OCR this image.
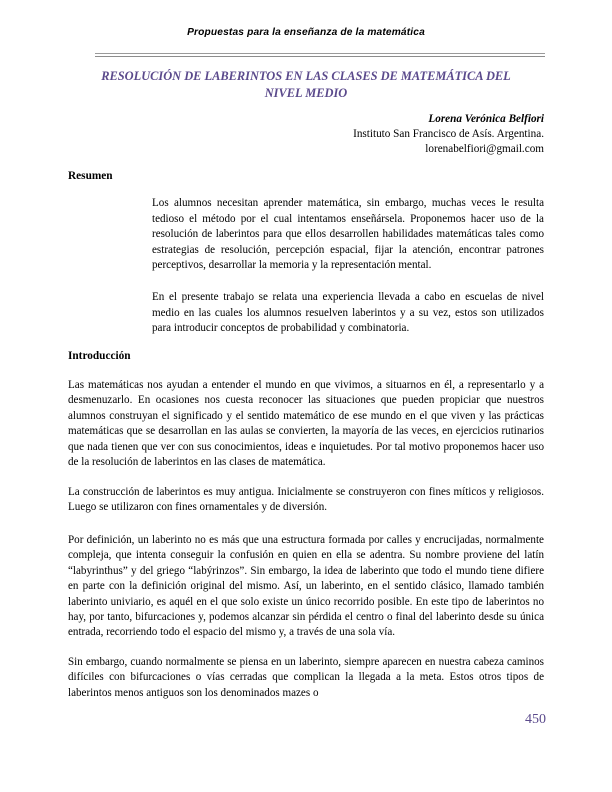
Propuestas para la enseñanza de la matemática
RESOLUCIÓN DE LABERINTOS EN LAS CLASES DE MATEMÁTICA DEL NIVEL MEDIO
Lorena Verónica Belfiori
Instituto San Francisco de Asís. Argentina.
lorenabelfiori@gmail.com
Resumen
Los alumnos necesitan aprender matemática, sin embargo, muchas veces le resulta tedioso el método por el cual intentamos enseñársela. Proponemos hacer uso de la resolución de laberintos para que ellos desarrollen habilidades matemáticas tales como estrategias de resolución, percepción espacial, fijar la atención, encontrar patrones perceptivos, desarrollar la memoria y la representación mental.
En el presente trabajo se relata una experiencia llevada a cabo en escuelas de nivel medio en las cuales los alumnos resuelven laberintos y a su vez, estos son utilizados para introducir conceptos de probabilidad y combinatoria.
Introducción
Las matemáticas nos ayudan a entender el mundo en que vivimos, a situarnos en él, a representarlo y a desmenuzarlo. En ocasiones nos cuesta reconocer las situaciones que pueden propiciar que nuestros alumnos construyan el significado y el sentido matemático de ese mundo en el que viven y las prácticas matemáticas que se desarrollan en las aulas se convierten, la mayoría de las veces, en ejercicios rutinarios que nada tienen que ver con sus conocimientos, ideas e inquietudes. Por tal motivo proponemos hacer uso de la resolución de laberintos en las clases de matemática.
La construcción de laberintos es muy antigua. Inicialmente se construyeron con fines míticos y religiosos. Luego se utilizaron con fines ornamentales y de diversión.
Por definición, un laberinto no es más que una estructura formada por calles y encrucijadas, normalmente compleja, que intenta conseguir la confusión en quien en ella se adentra. Su nombre proviene del latín “labyrinthus” y del griego “labýrinzos”. Sin embargo, la idea de laberinto que todo el mundo tiene difiere en parte con la definición original del mismo. Así, un laberinto, en el sentido clásico, llamado también laberinto univiario, es aquél en el que solo existe un único recorrido posible. En este tipo de laberintos no hay, por tanto, bifurcaciones y, podemos alcanzar sin pérdida el centro o final del laberinto desde su única entrada, recorriendo todo el espacio del mismo y, a través de una sola vía.
Sin embargo, cuando normalmente se piensa en un laberinto, siempre aparecen en nuestra cabeza caminos difíciles con bifurcaciones o vías cerradas que complican la llegada a la meta. Estos otros tipos de laberintos menos antiguos son los denominados mazes o
450
